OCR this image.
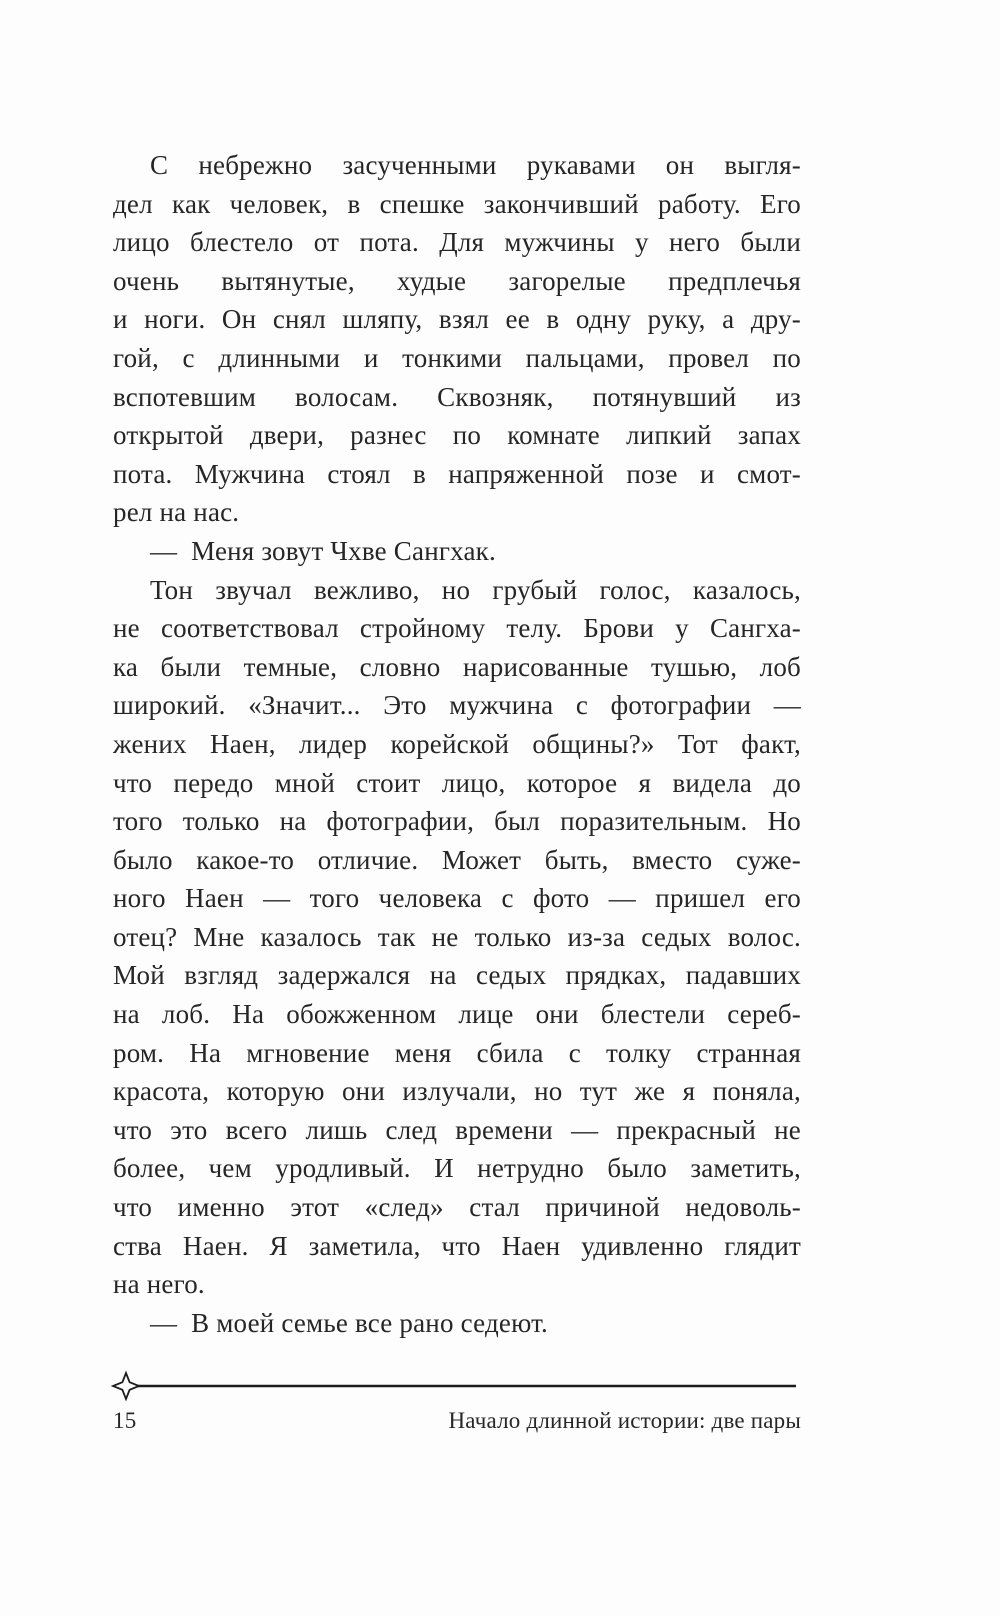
С небрежно засученными рукавами он выгля-
дел как человек, в спешке закончивший работу. Его
лицо блестело от пота. Для мужчины у него были
очень вытянутые, худые загорелые предплечья
и ноги. Он снял шляпу, взял ее в одну руку, а дру-
гой, с длинными и тонкими пальцами, провел по
вспотевшим волосам. Сквозняк, потянувший из
открытой двери, разнес по комнате липкий запах
пота. Мужчина стоял в напряженной позе и смот-
рел на нас.
—  Меня зовут Чхве Сангхак.
Тон звучал вежливо, но грубый голос, казалось,
не соответствовал стройному телу. Брови у Сангха-
ка были темные, словно нарисованные тушью, лоб
широкий. «Значит... Это мужчина с фотографии —
жених Наен, лидер корейской общины?» Тот факт,
что передо мной стоит лицо, которое я видела до
того только на фотографии, был поразительным. Но
было какое-то отличие. Может быть, вместо суже-
ного Наен — того человека с фото — пришел его
отец? Мне казалось так не только из-за седых волос.
Мой взгляд задержался на седых прядках, падавших
на лоб. На обожженном лице они блестели сереб-
ром. На мгновение меня сбила с толку странная
красота, которую они излучали, но тут же я поняла,
что это всего лишь след времени — прекрасный не
более, чем уродливый. И нетрудно было заметить,
что именно этот «след» стал причиной недоволь-
ства Наен. Я заметила, что Наен удивленно глядит
на него.
—  В моей семье все рано седеют.
15	Начало длинной истории: две пары
